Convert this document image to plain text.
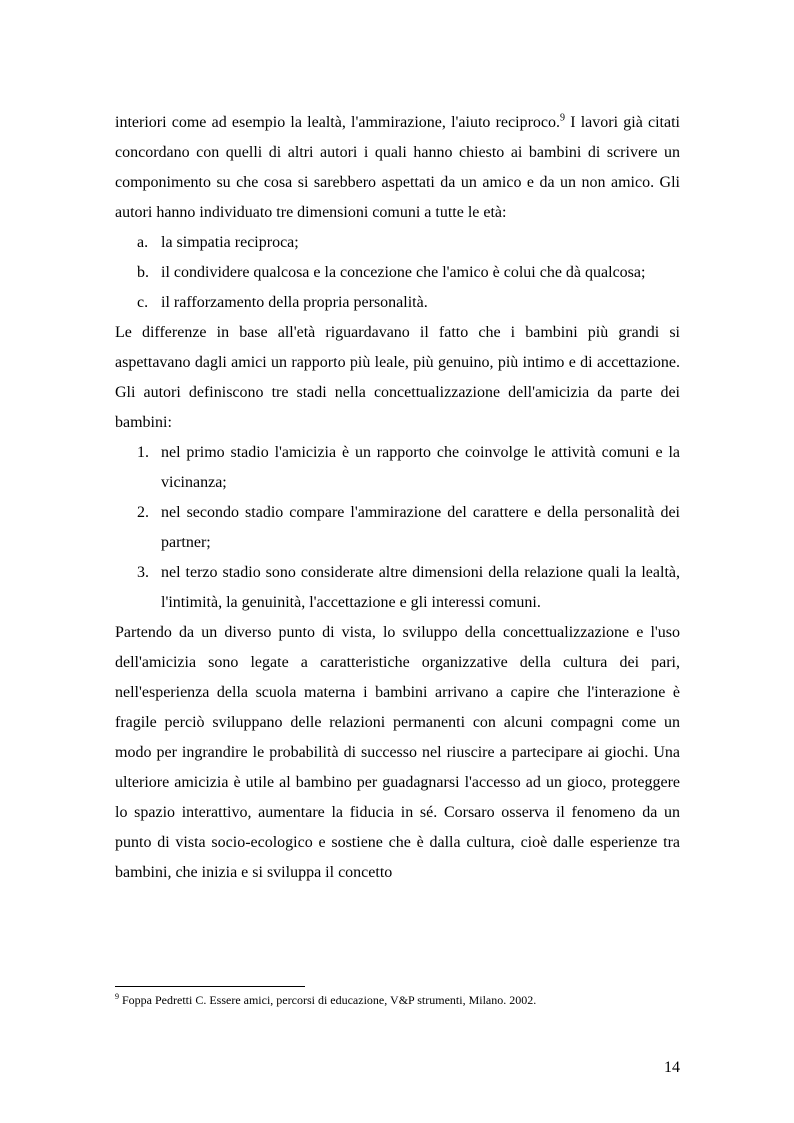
interiori come ad esempio la lealtà, l'ammirazione, l'aiuto reciproco.$^9$ I lavori già citati concordano con quelli di altri autori i quali hanno chiesto ai bambini di scrivere un componimento su che cosa si sarebbero aspettati da un amico e da un non amico. Gli autori hanno individuato tre dimensioni comuni a tutte le età:

a. la simpatia reciproca;
b. il condividere qualcosa e la concezione che l'amico è colui che dà qualcosa;
c. il rafforzamento della propria personalità.

Le differenze in base all'età riguardavano il fatto che i bambini più grandi si aspettavano dagli amici un rapporto più leale, più genuino, più intimo e di accettazione. Gli autori definiscono tre stadi nella concettualizzazione dell'amicizia da parte dei bambini:

1. nel primo stadio l'amicizia è un rapporto che coinvolge le attività comuni e la vicinanza;
2. nel secondo stadio compare l'ammirazione del carattere e della personalità dei partner;
3. nel terzo stadio sono considerate altre dimensioni della relazione quali la lealtà, l'intimità, la genuinità, l'accettazione e gli interessi comuni.

Partendo da un diverso punto di vista, lo sviluppo della concettualizzazione e l'uso dell'amicizia sono legate a caratteristiche organizzative della cultura dei pari, nell'esperienza della scuola materna i bambini arrivano a capire che l'interazione è fragile perciò sviluppano delle relazioni permanenti con alcuni compagni come un modo per ingrandire le probabilità di successo nel riuscire a partecipare ai giochi. Una ulteriore amicizia è utile al bambino per guadagnarsi l'accesso ad un gioco, proteggere lo spazio interattivo, aumentare la fiducia in sé. Corsaro osserva il fenomeno da un punto di vista socio-ecologico e sostiene che è dalla cultura, cioè dalle esperienze tra bambini, che inizia e si sviluppa il concetto

$^9$ Foppa Pedretti C. Essere amici, percorsi di educazione, V&P strumenti, Milano. 2002.
14
